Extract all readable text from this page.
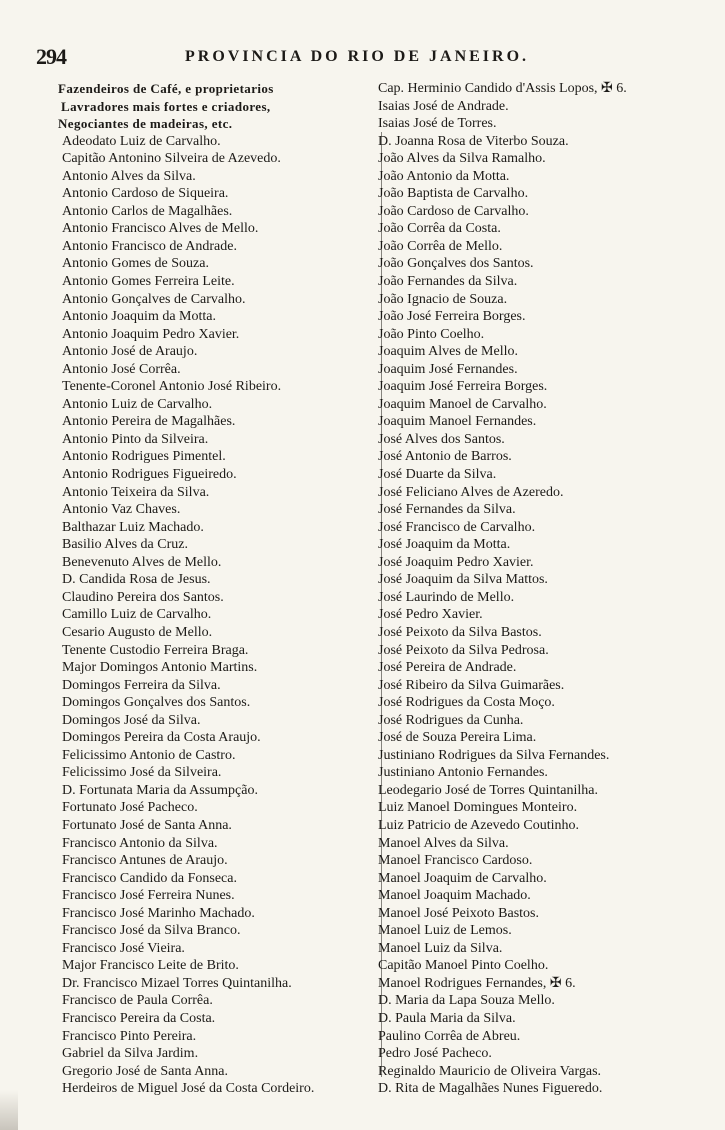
294	PROVINCIA DO RIO DE JANEIRO.
Fazendeiros de Café, e proprietarios
Lavradores mais fortes e criadores,
Negociantes de madeiras, etc.
Adeodato Luiz de Carvalho.
Capitão Antonino Silveira de Azevedo.
Antonio Alves da Silva.
Antonio Cardoso de Siqueira.
Antonio Carlos de Magalhães.
Antonio Francisco Alves de Mello.
Antonio Francisco de Andrade.
Antonio Gomes de Souza.
Antonio Gomes Ferreira Leite.
Antonio Gonçalves de Carvalho.
Antonio Joaquim da Motta.
Antonio Joaquim Pedro Xavier.
Antonio José de Araujo.
Antonio José Corrêa.
Tenente-Coronel Antonio José Ribeiro.
Antonio Luiz de Carvalho.
Antonio Pereira de Magalhães.
Antonio Pinto da Silveira.
Antonio Rodrigues Pimentel.
Antonio Rodrigues Figueiredo.
Antonio Teixeira da Silva.
Antonio Vaz Chaves.
Balthazar Luiz Machado.
Basilio Alves da Cruz.
Benevenuto Alves de Mello.
D. Candida Rosa de Jesus.
Claudino Pereira dos Santos.
Camillo Luiz de Carvalho.
Cesario Augusto de Mello.
Tenente Custodio Ferreira Braga.
Major Domingos Antonio Martins.
Domingos Ferreira da Silva.
Domingos Gonçalves dos Santos.
Domingos José da Silva.
Domingos Pereira da Costa Araujo.
Felicissimo Antonio de Castro.
Felicissimo José da Silveira.
D. Fortunata Maria da Assumpção.
Fortunato José Pacheco.
Fortunato José de Santa Anna.
Francisco Antonio da Silva.
Francisco Antunes de Araujo.
Francisco Candido da Fonseca.
Francisco José Ferreira Nunes.
Francisco José Marinho Machado.
Francisco José da Silva Branco.
Francisco José Vieira.
Major Francisco Leite de Brito.
Dr. Francisco Mizael Torres Quintanilha.
Francisco de Paula Corrêa.
Francisco Pereira da Costa.
Francisco Pinto Pereira.
Gabriel da Silva Jardim.
Gregorio José de Santa Anna.
Herdeiros de Miguel José da Costa Cordeiro.
Cap. Herminio Candido d'Assis Lopos, ✠ 6.
Isaias José de Andrade.
Isaias José de Torres.
D. Joanna Rosa de Viterbo Souza.
João Alves da Silva Ramalho.
João Antonio da Motta.
João Baptista de Carvalho.
João Cardoso de Carvalho.
João Corrêa da Costa.
João Corrêa de Mello.
João Gonçalves dos Santos.
João Fernandes da Silva.
João Ignacio de Souza.
João José Ferreira Borges.
João Pinto Coelho.
Joaquim Alves de Mello.
Joaquim José Fernandes.
Joaquim José Ferreira Borges.
Joaquim Manoel de Carvalho.
Joaquim Manoel Fernandes.
José Alves dos Santos.
José Antonio de Barros.
José Duarte da Silva.
José Feliciano Alves de Azeredo.
José Fernandes da Silva.
José Francisco de Carvalho.
José Joaquim da Motta.
José Joaquim Pedro Xavier.
José Joaquim da Silva Mattos.
José Laurindo de Mello.
José Pedro Xavier.
José Peixoto da Silva Bastos.
José Peixoto da Silva Pedrosa.
José Pereira de Andrade.
José Ribeiro da Silva Guimarães.
José Rodrigues da Costa Moço.
José Rodrigues da Cunha.
José de Souza Pereira Lima.
Justiniano Rodrigues da Silva Fernandes.
Justiniano Antonio Fernandes.
Leodegario José de Torres Quintanilha.
Luiz Manoel Domingues Monteiro.
Luiz Patricio de Azevedo Coutinho.
Manoel Alves da Silva.
Manoel Francisco Cardoso.
Manoel Joaquim de Carvalho.
Manoel Joaquim Machado.
Manoel José Peixoto Bastos.
Manoel Luiz de Lemos.
Manoel Luiz da Silva.
Capitão Manoel Pinto Coelho.
Manoel Rodrigues Fernandes, ✠ 6.
D. Maria da Lapa Souza Mello.
D. Paula Maria da Silva.
Paulino Corrêa de Abreu.
Pedro José Pacheco.
Reginaldo Mauricio de Oliveira Vargas.
D. Rita de Magalhães Nunes Figueredo.
